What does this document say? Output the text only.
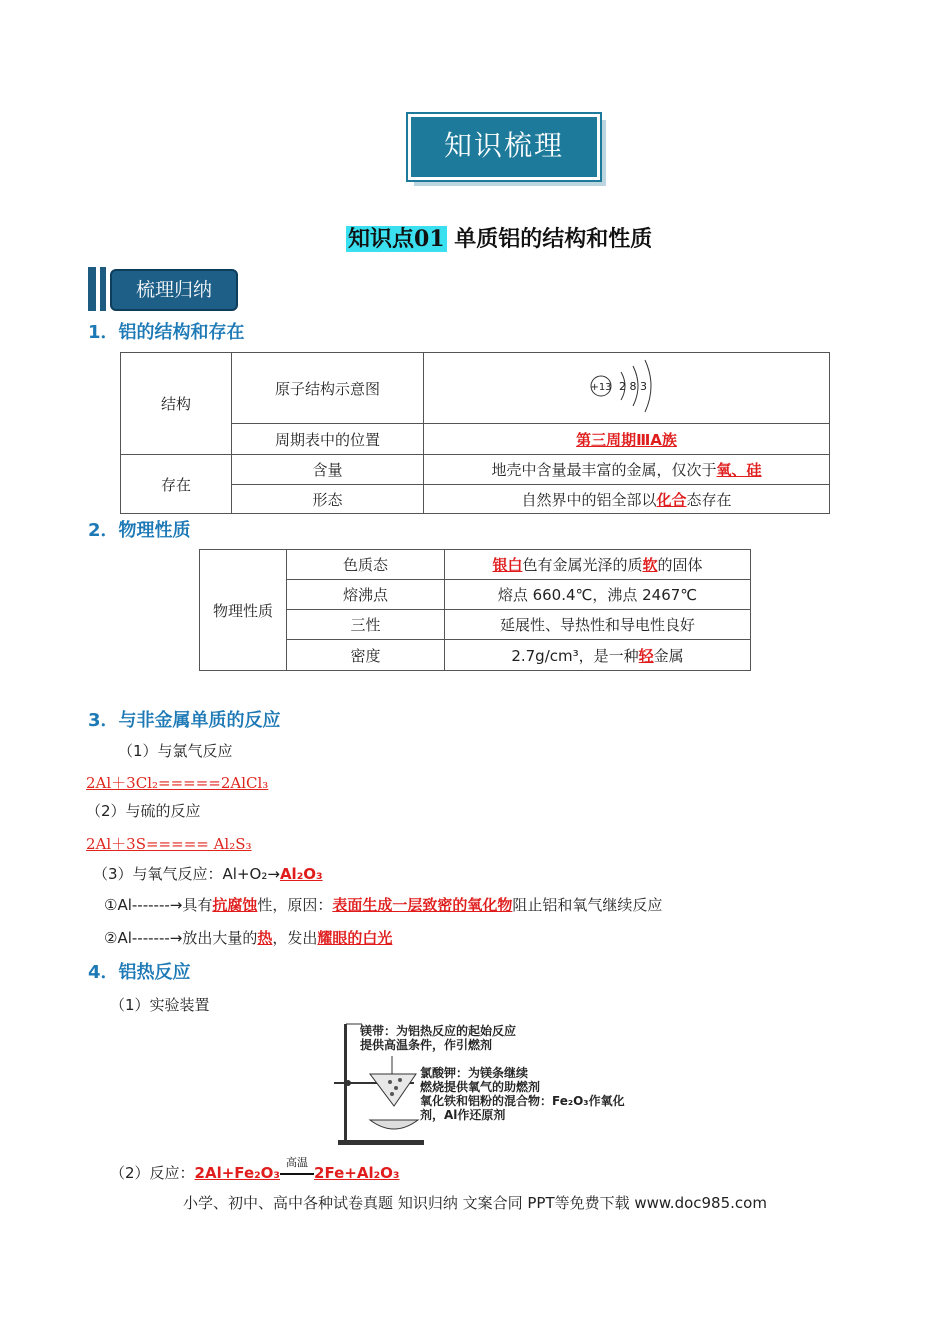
知识梳理
知识点01 单质铝的结构和性质
梳理归纳
1．铝的结构和存在
结构	原子结构示意图	+13 2 8 3

	周期表中的位置	第三周期ⅢA族
存在	含量	地壳中含量最丰富的金属，仅次于氧、硅
	形态	自然界中的铝全部以化合态存在
2．物理性质
物理性质	色质态	银白色有金属光泽的质软的固体
	熔沸点	熔点 660.4℃，沸点 2467℃
	三性	延展性、导热性和导电性良好
	密度	2.7g/cm³，是一种轻金属
3．与非金属单质的反应
（1）与氯气反应
2Al＋3Cl₂=====2AlCl₃
（2）与硫的反应
2Al＋3S===== Al₂S₃
（3）与氧气反应：Al+O₂→Al₂O₃
①Al-------→具有抗腐蚀性，原因：表面生成一层致密的氧化物阻止铝和氧气继续反应
②Al-------→放出大量的热，发出耀眼的白光
4．铝热反应
（1）实验装置
镁带：为铝热反应的起始反应
提供高温条件，作引燃剂
氯酸钾：为镁条继续
燃烧提供氧气的助燃剂
氧化铁和铝粉的混合物：Fe₂O₃作氧化
剂，Al作还原剂
（2）反应：2Al+Fe₂O₃
高温
2Fe+Al₂O₃
小学、初中、高中各种试卷真题 知识归纳 文案合同 PPT等免费下载 www.doc985.com
